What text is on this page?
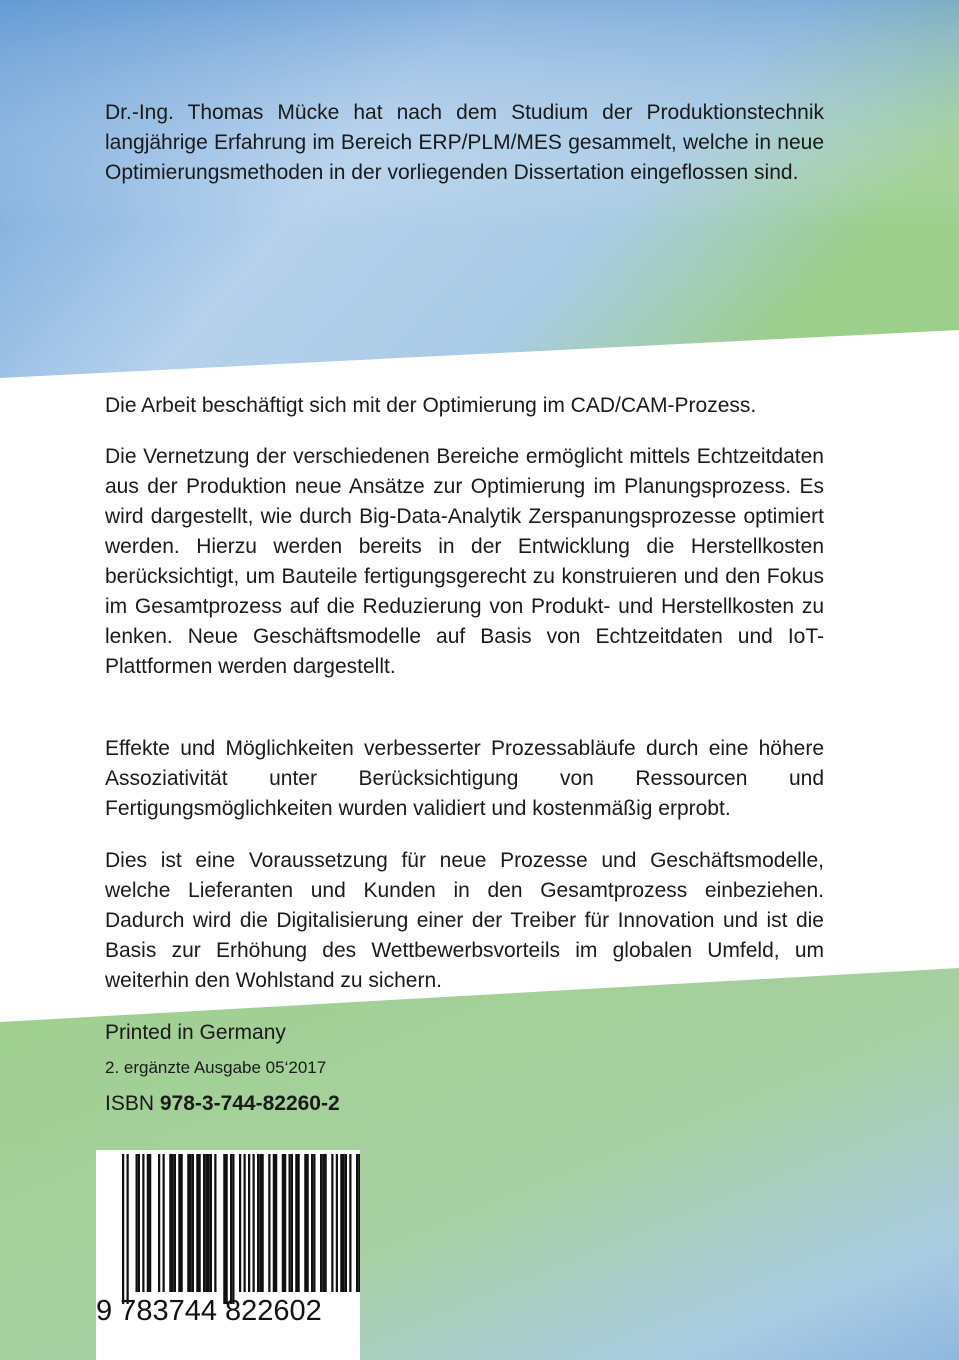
Dr.-Ing. Thomas Mücke hat nach dem Studium der Produktionstechnik langjährige Erfahrung im Bereich ERP/PLM/MES gesammelt, welche in neue Optimierungsmethoden in der vorliegenden Dissertation eingeflossen sind.
Die Arbeit beschäftigt sich mit der Optimierung im CAD/CAM-Prozess.
Die Vernetzung der verschiedenen Bereiche ermöglicht mittels Echtzeitdaten aus der Produktion neue Ansätze zur Optimierung im Planungsprozess. Es wird dargestellt, wie durch Big-Data-Analytik Zerspanungsprozesse optimiert werden. Hierzu werden bereits in der Entwicklung die Herstellkosten berücksichtigt, um Bauteile fertigungsgerecht zu konstruieren und den Fokus im Gesamtprozess auf die Reduzierung von Produkt- und Herstellkosten zu lenken. Neue Geschäftsmodelle auf Basis von Echtzeitdaten und IoT-Plattformen werden dargestellt.
Effekte und Möglichkeiten verbesserter Prozessabläufe durch eine höhere Assoziativität unter Berücksichtigung von Ressourcen und Fertigungsmöglichkeiten wurden validiert und kostenmäßig erprobt.
Dies ist eine Voraussetzung für neue Prozesse und Geschäftsmodelle, welche Lieferanten und Kunden in den Gesamtprozess einbeziehen. Dadurch wird die Digitalisierung einer der Treiber für Innovation und ist die Basis zur Erhöhung des Wettbewerbsvorteils im globalen Umfeld, um weiterhin den Wohlstand zu sichern.
Printed in Germany
2. ergänzte Ausgabe 05‘2017
ISBN 978-3-744-82260-2
9 783744 822602
